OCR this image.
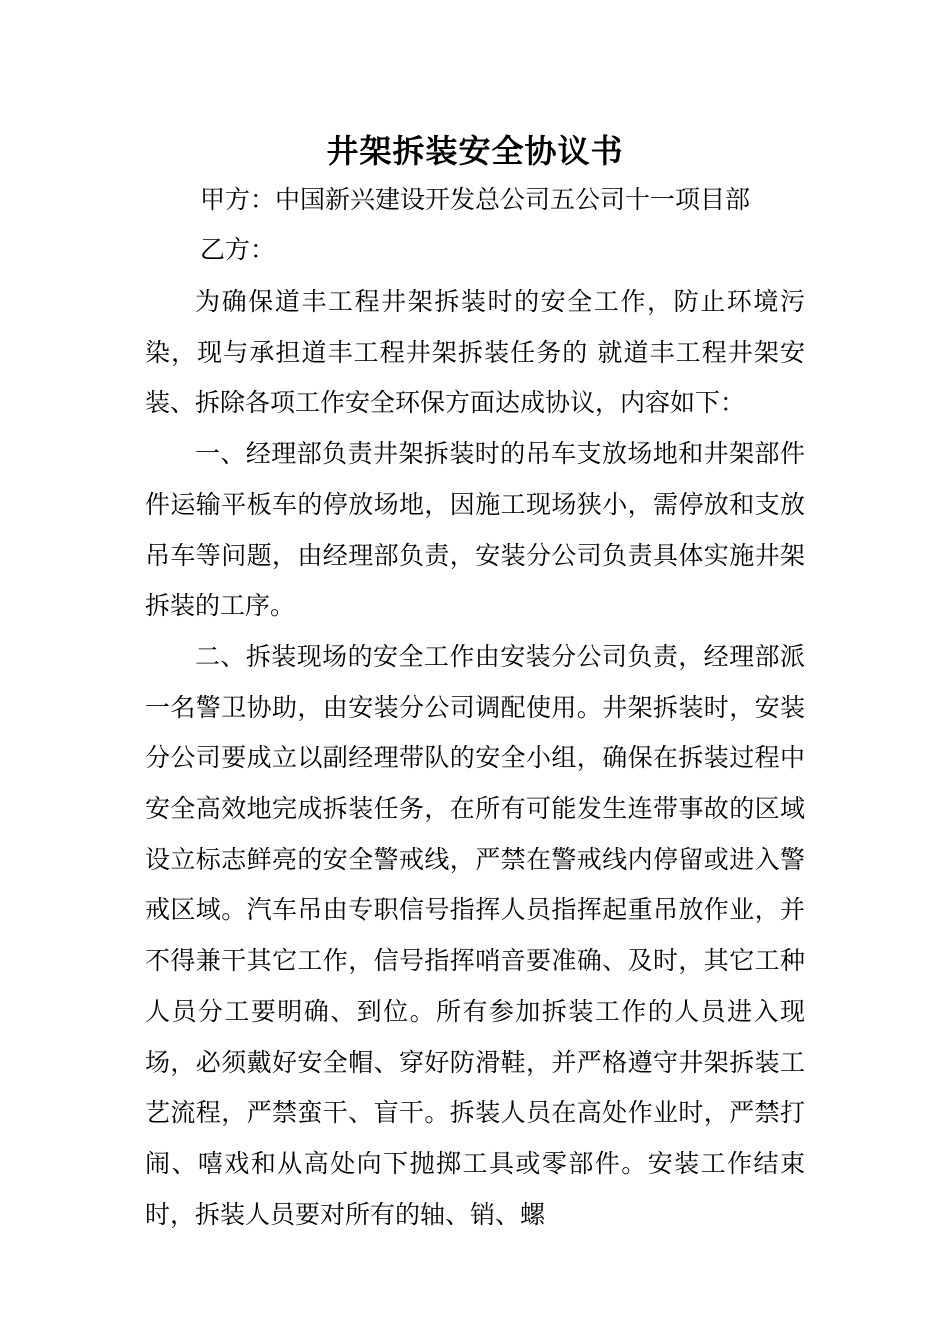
井架拆装安全协议书
甲方：中国新兴建设开发总公司五公司十一项目部
乙方：

为确保道丰工程井架拆装时的安全工作，防止环境污染，现与承担道丰工程井架拆装任务的 就道丰工程井架安装、拆除各项工作安全环保方面达成协议，内容如下：

一、经理部负责井架拆装时的吊车支放场地和井架部件件运输平板车的停放场地，因施工现场狭小，需停放和支放吊车等问题，由经理部负责，安装分公司负责具体实施井架拆装的工序。

二、拆装现场的安全工作由安装分公司负责，经理部派一名警卫协助，由安装分公司调配使用。井架拆装时，安装分公司要成立以副经理带队的安全小组，确保在拆装过程中安全高效地完成拆装任务，在所有可能发生连带事故的区域设立标志鲜亮的安全警戒线，严禁在警戒线内停留或进入警戒区域。汽车吊由专职信号指挥人员指挥起重吊放作业，并不得兼干其它工作，信号指挥哨音要准确、及时，其它工种人员分工要明确、到位。所有参加拆装工作的人员进入现场，必须戴好安全帽、穿好防滑鞋，并严格遵守井架拆装工艺流程，严禁蛮干、盲干。拆装人员在高处作业时，严禁打闹、嘻戏和从高处向下抛掷工具或零部件。安装工作结束时，拆装人员要对所有的轴、销、螺
